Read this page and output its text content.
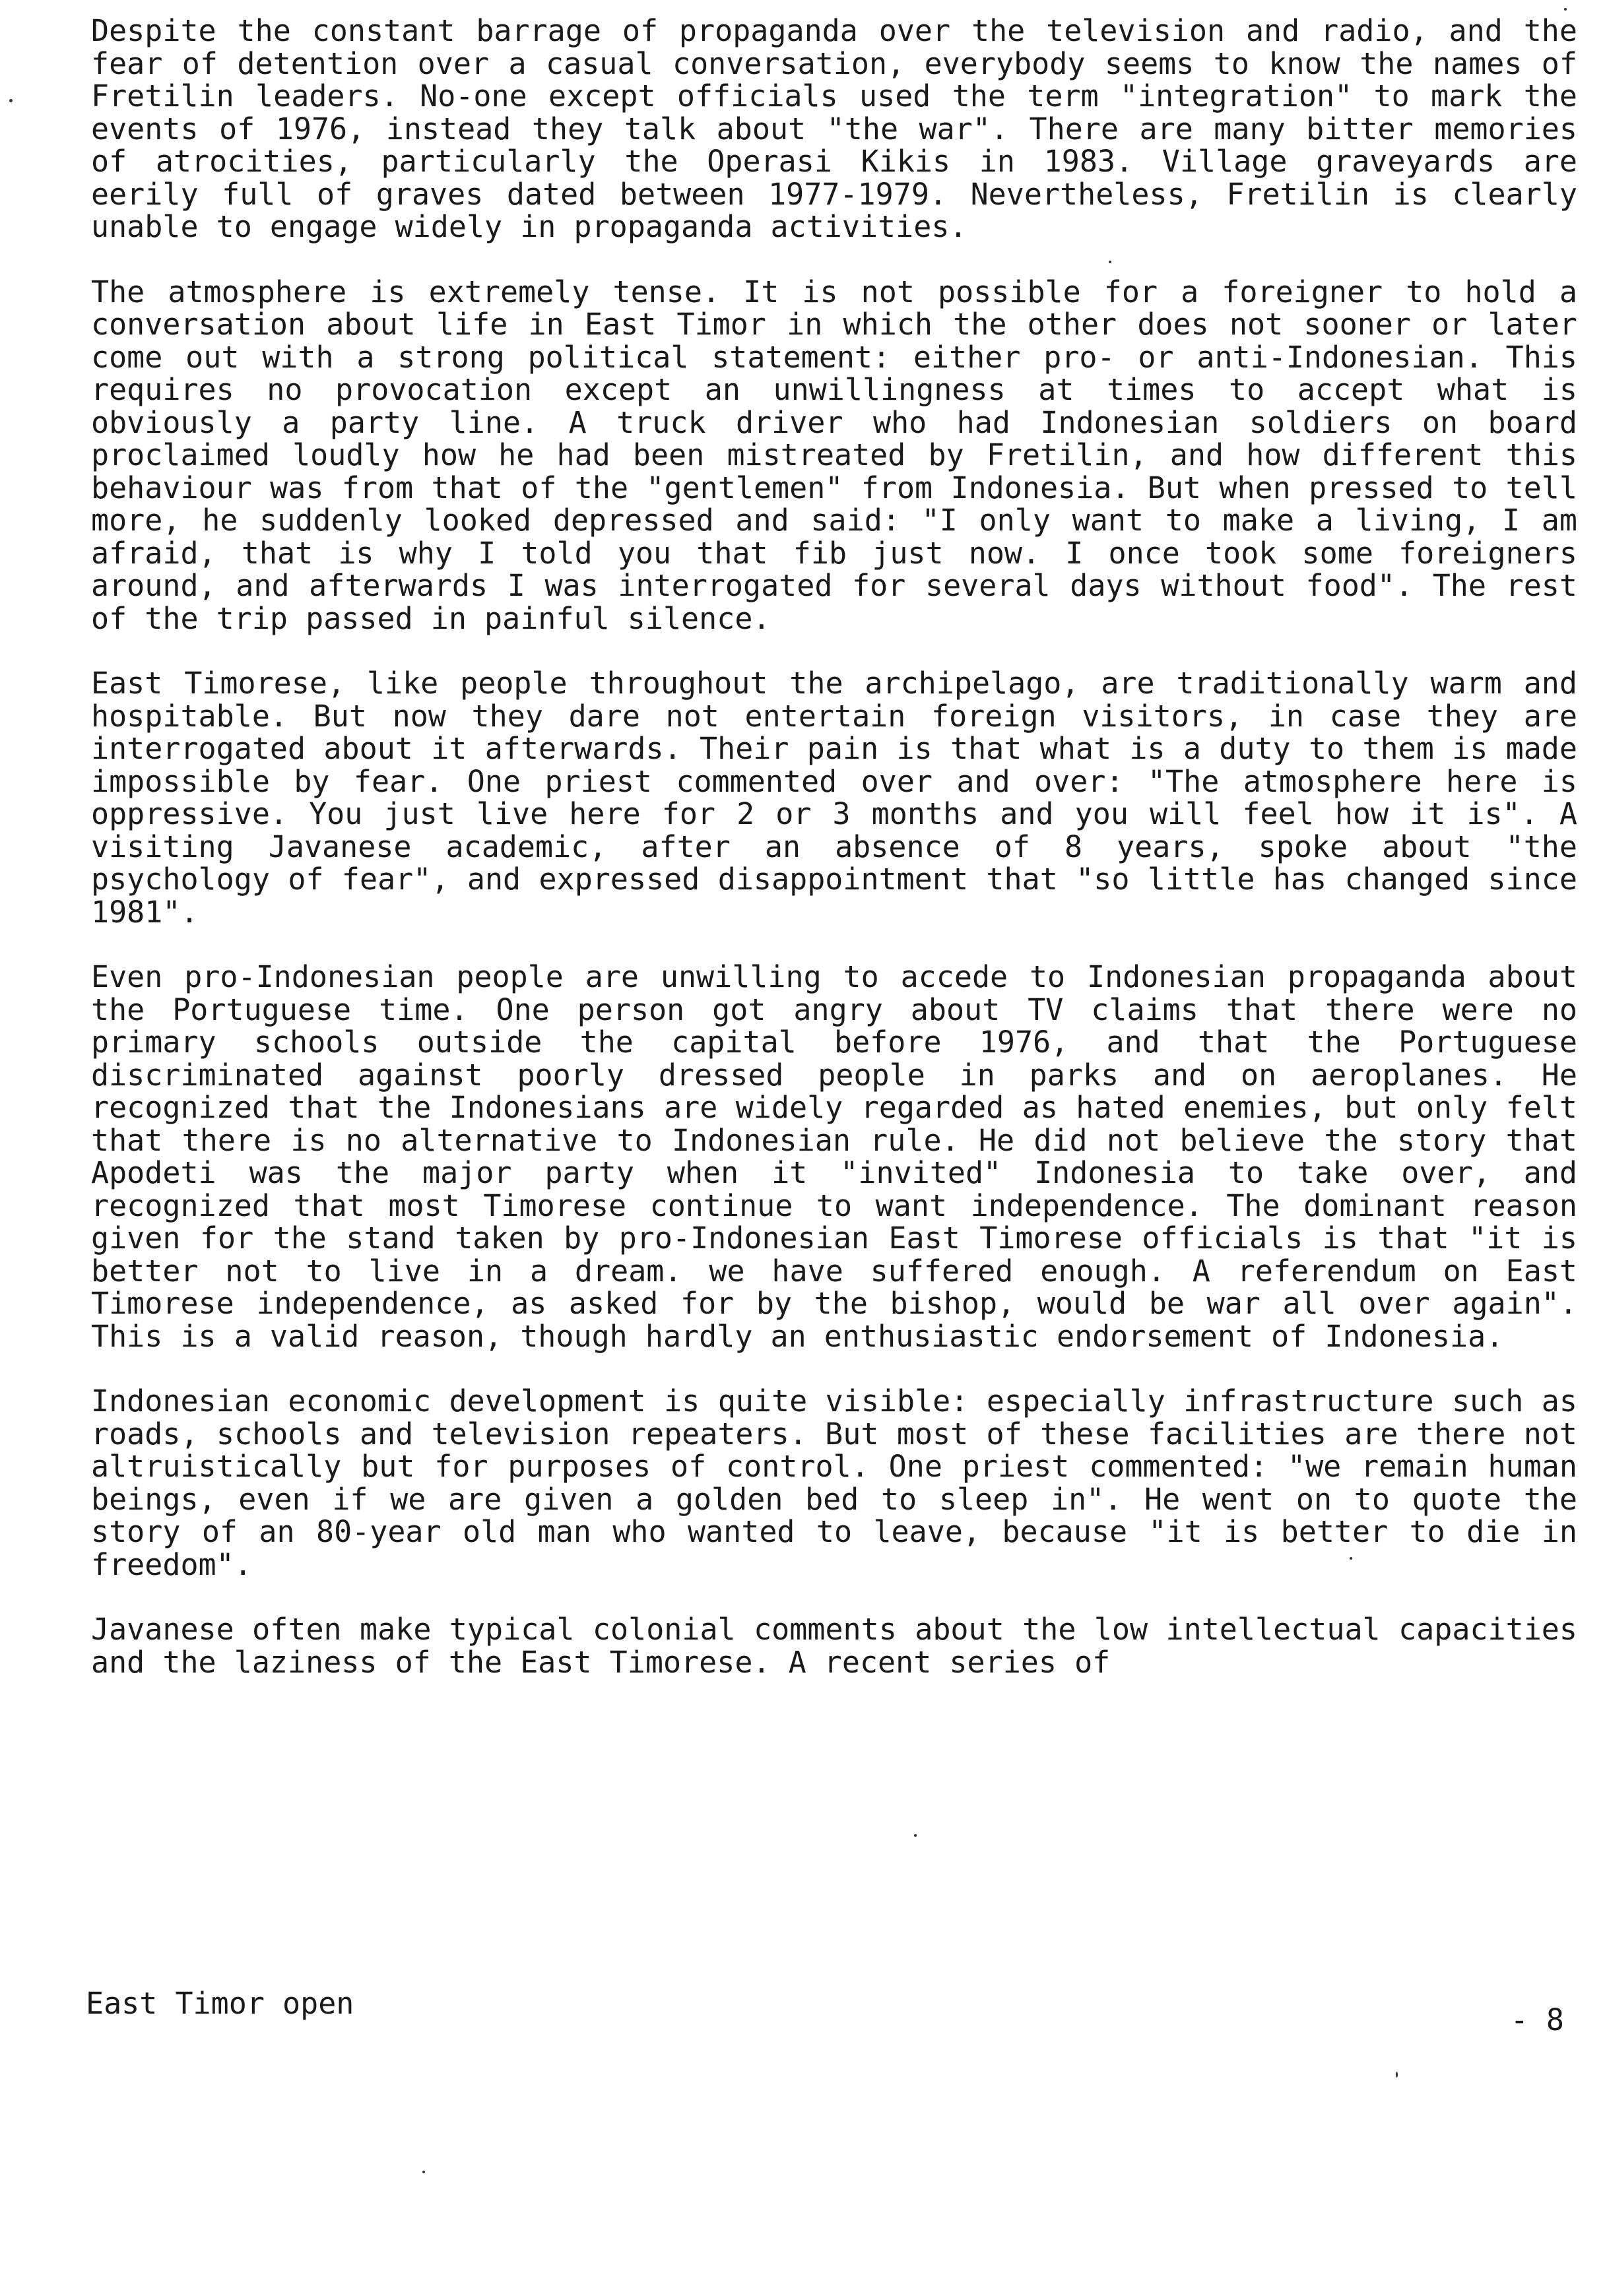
Despite the constant barrage of propaganda over the television and radio, and the fear of detention over a casual conversation, everybody seems to know the names of Fretilin leaders. No-one except officials used the term "integration" to mark the events of 1976, instead they talk about "the war". There are many bitter memories of atrocities, particularly the Operasi Kikis in 1983. Village graveyards are eerily full of graves dated between 1977-1979. Nevertheless, Fretilin is clearly unable to engage widely in propaganda activities.

The atmosphere is extremely tense. It is not possible for a foreigner to hold a conversation about life in East Timor in which the other does not sooner or later come out with a strong political statement: either pro- or anti-Indonesian. This requires no provocation except an unwillingness at times to accept what is obviously a party line. A truck driver who had Indonesian soldiers on board proclaimed loudly how he had been mistreated by Fretilin, and how different this behaviour was from that of the "gentlemen" from Indonesia. But when pressed to tell more, he suddenly looked depressed and said: "I only want to make a living, I am afraid, that is why I told you that fib just now. I once took some foreigners around, and afterwards I was interrogated for several days without food". The rest of the trip passed in painful silence.

East Timorese, like people throughout the archipelago, are traditionally warm and hospitable. But now they dare not entertain foreign visitors, in case they are interrogated about it afterwards. Their pain is that what is a duty to them is made impossible by fear. One priest commented over and over: "The atmosphere here is oppressive. You just live here for 2 or 3 months and you will feel how it is". A visiting Javanese academic, after an absence of 8 years, spoke about "the psychology of fear", and expressed disappointment that "so little has changed since 1981".

Even pro-Indonesian people are unwilling to accede to Indonesian propaganda about the Portuguese time. One person got angry about TV claims that there were no primary schools outside the capital before 1976, and that the Portuguese discriminated against poorly dressed people in parks and on aeroplanes. He recognized that the Indonesians are widely regarded as hated enemies, but only felt that there is no alternative to Indonesian rule. He did not believe the story that Apodeti was the major party when it "invited" Indonesia to take over, and recognized that most Timorese continue to want independence. The dominant reason given for the stand taken by pro-Indonesian East Timorese officials is that "it is better not to live in a dream. we have suffered enough. A referendum on East Timorese independence, as asked for by the bishop, would be war all over again". This is a valid reason, though hardly an enthusiastic endorsement of Indonesia.

Indonesian economic development is quite visible: especially infrastructure such as roads, schools and television repeaters. But most of these facilities are there not altruistically but for purposes of control. One priest commented: "we remain human beings, even if we are given a golden bed to sleep in". He went on to quote the story of an 80-year old man who wanted to leave, because "it is better to die in freedom".

Javanese often make typical colonial comments about the low intellectual capacities and the laziness of the East Timorese. A recent series of

East Timor open	- 8
